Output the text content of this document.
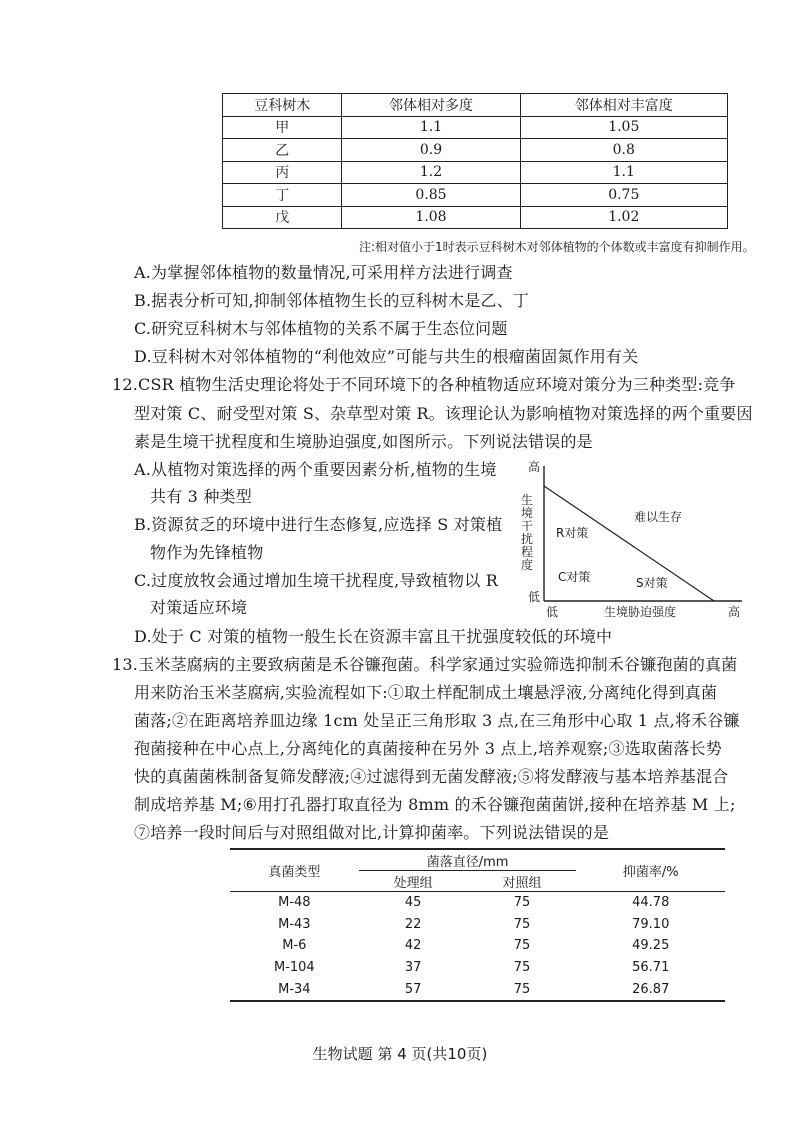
豆科树木	邻体相对多度	邻体相对丰富度
甲	1.1	1.05
乙	0.9	0.8
丙	1.2	1.1
丁	0.85	0.75
戊	1.08	1.02
注:相对值小于1时表示豆科树木对邻体植物的个体数或丰富度有抑制作用。
A.为掌握邻体植物的数量情况,可采用样方法进行调查
B.据表分析可知,抑制邻体植物生长的豆科树木是乙、丁
C.研究豆科树木与邻体植物的关系不属于生态位问题
D.豆科树木对邻体植物的“利他效应”可能与共生的根瘤菌固氮作用有关
12.CSR 植物生活史理论将处于不同环境下的各种植物适应环境对策分为三种类型:竞争
型对策 C、耐受型对策 S、杂草型对策 R。该理论认为影响植物对策选择的两个重要因
素是生境干扰程度和生境胁迫强度,如图所示。下列说法错误的是
A.从植物对策选择的两个重要因素分析,植物的生境
共有 3 种类型
B.资源贫乏的环境中进行生态修复,应选择 S 对策植
物作为先锋植物
C.过度放牧会通过增加生境干扰程度,导致植物以 R
对策适应环境
D.处于 C 对策的植物一般生长在资源丰富且干扰强度较低的环境中
高
生境干扰程度
低
低	生境胁迫强度	高
R对策
C对策	S对策
难以生存
13.玉米茎腐病的主要致病菌是禾谷镰孢菌。科学家通过实验筛选抑制禾谷镰孢菌的真菌
用来防治玉米茎腐病,实验流程如下:①取土样配制成土壤悬浮液,分离纯化得到真菌
菌落;②在距离培养皿边缘 1cm 处呈正三角形取 3 点,在三角形中心取 1 点,将禾谷镰
孢菌接种在中心点上,分离纯化的真菌接种在另外 3 点上,培养观察;③选取菌落长势
快的真菌菌株制备复筛发酵液;④过滤得到无菌发酵液;⑤将发酵液与基本培养基混合
制成培养基 M;⑥用打孔器打取直径为 8mm 的禾谷镰孢菌菌饼,接种在培养基 M 上;
⑦培养一段时间后与对照组做对比,计算抑菌率。下列说法错误的是
真菌类型	菌落直径/mm		抑菌率/%
	处理组	对照组	
M-48	45	75	44.78
M-43	22	75	79.10
M-6	42	75	49.25
M-104	37	75	56.71
M-34	57	75	26.87
生物试题 第 4 页(共10页)
